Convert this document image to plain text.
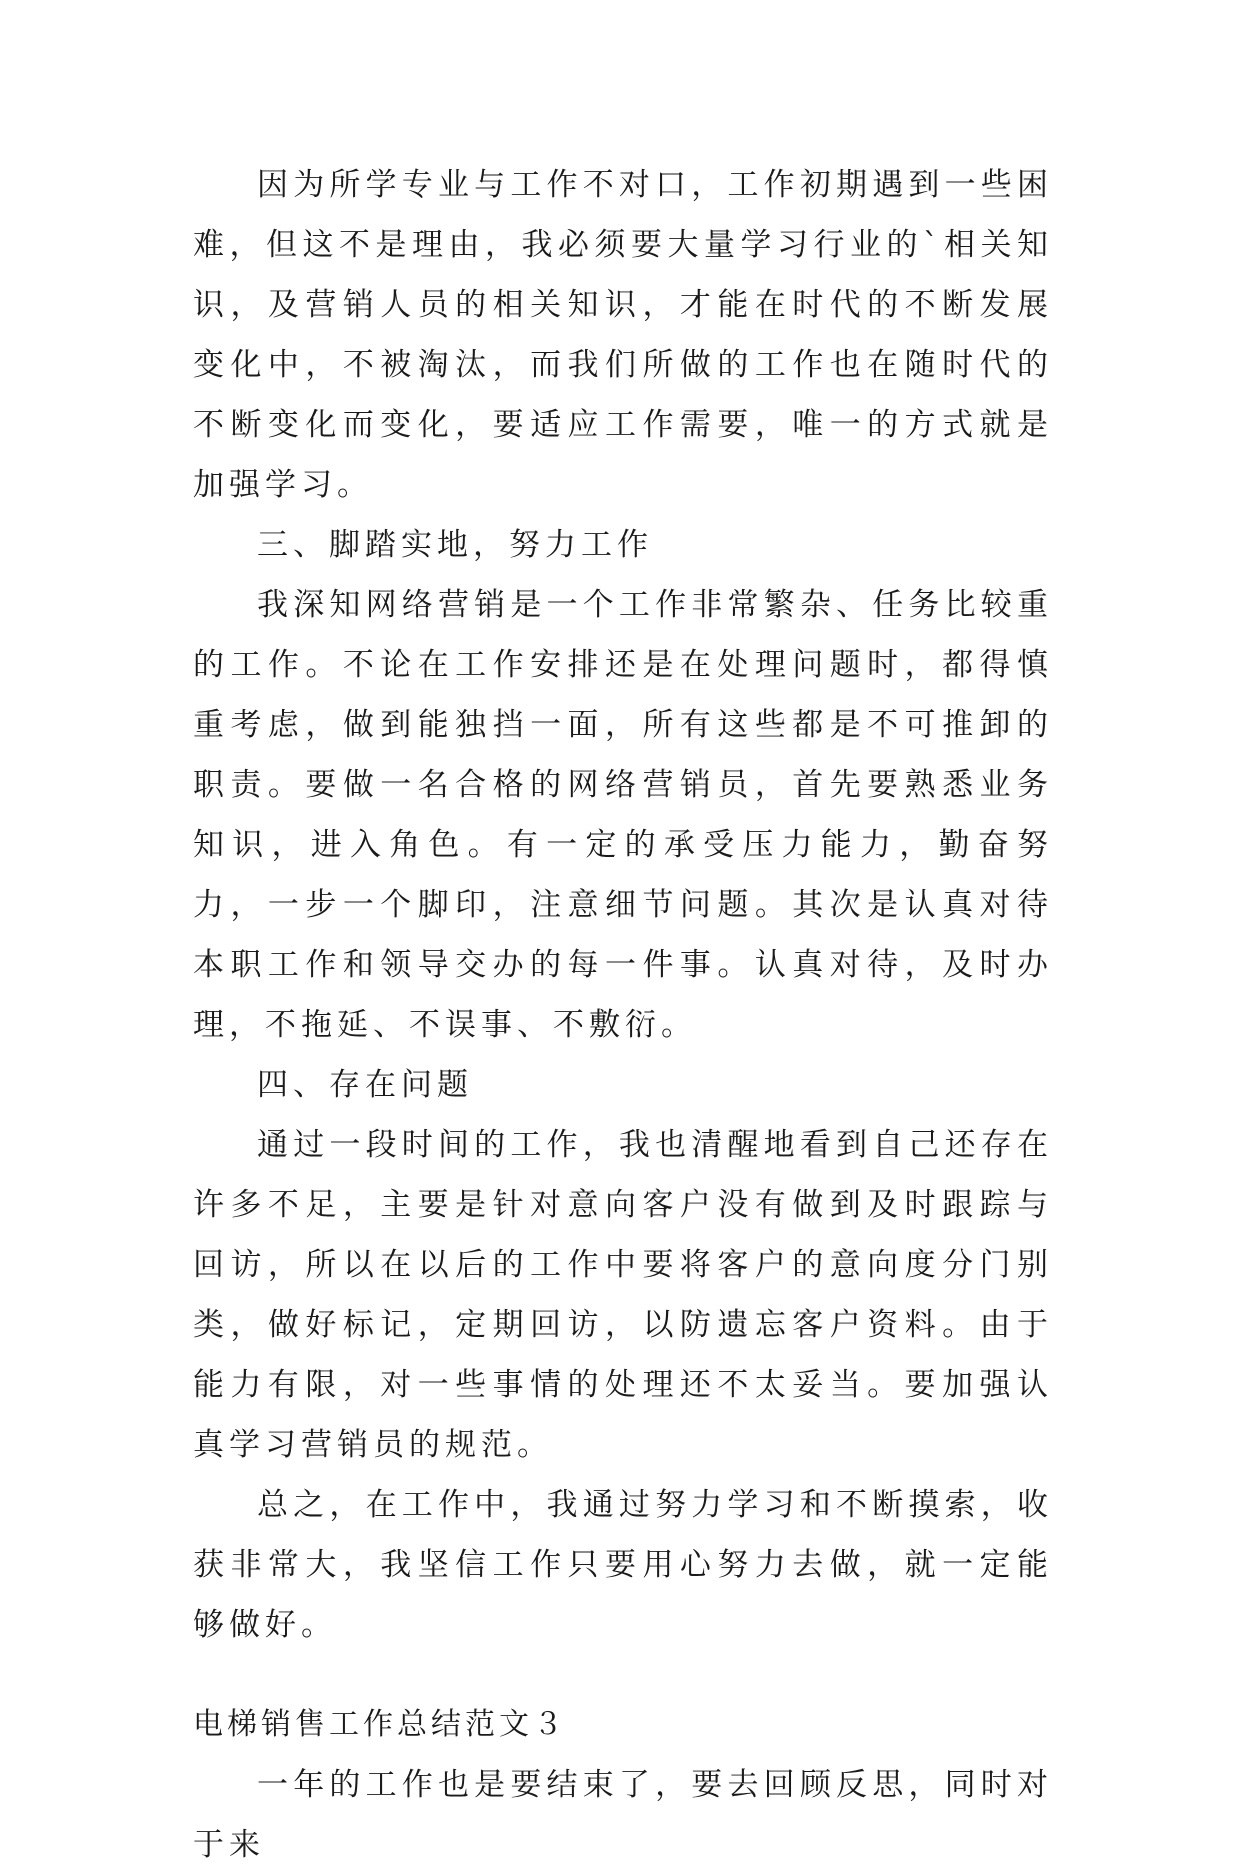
因为所学专业与工作不对口，工作初期遇到一些困难，但这不是理由，我必须要大量学习行业的`相关知识，及营销人员的相关知识，才能在时代的不断发展变化中，不被淘汰，而我们所做的工作也在随时代的不断变化而变化，要适应工作需要，唯一的方式就是加强学习。

三、脚踏实地，努力工作

我深知网络营销是一个工作非常繁杂、任务比较重的工作。不论在工作安排还是在处理问题时，都得慎重考虑，做到能独挡一面，所有这些都是不可推卸的职责。要做一名合格的网络营销员，首先要熟悉业务知识，进入角色。有一定的承受压力能力，勤奋努力，一步一个脚印，注意细节问题。其次是认真对待本职工作和领导交办的每一件事。认真对待，及时办理，不拖延、不误事、不敷衍。

四、存在问题

通过一段时间的工作，我也清醒地看到自己还存在许多不足，主要是针对意向客户没有做到及时跟踪与回访，所以在以后的工作中要将客户的意向度分门别类，做好标记，定期回访，以防遗忘客户资料。由于能力有限，对一些事情的处理还不太妥当。要加强认真学习营销员的规范。

总之，在工作中，我通过努力学习和不断摸索，收获非常大，我坚信工作只要用心努力去做，就一定能够做好。

电梯销售工作总结范文３

一年的工作也是要结束了，要去回顾反思，同时对于来
